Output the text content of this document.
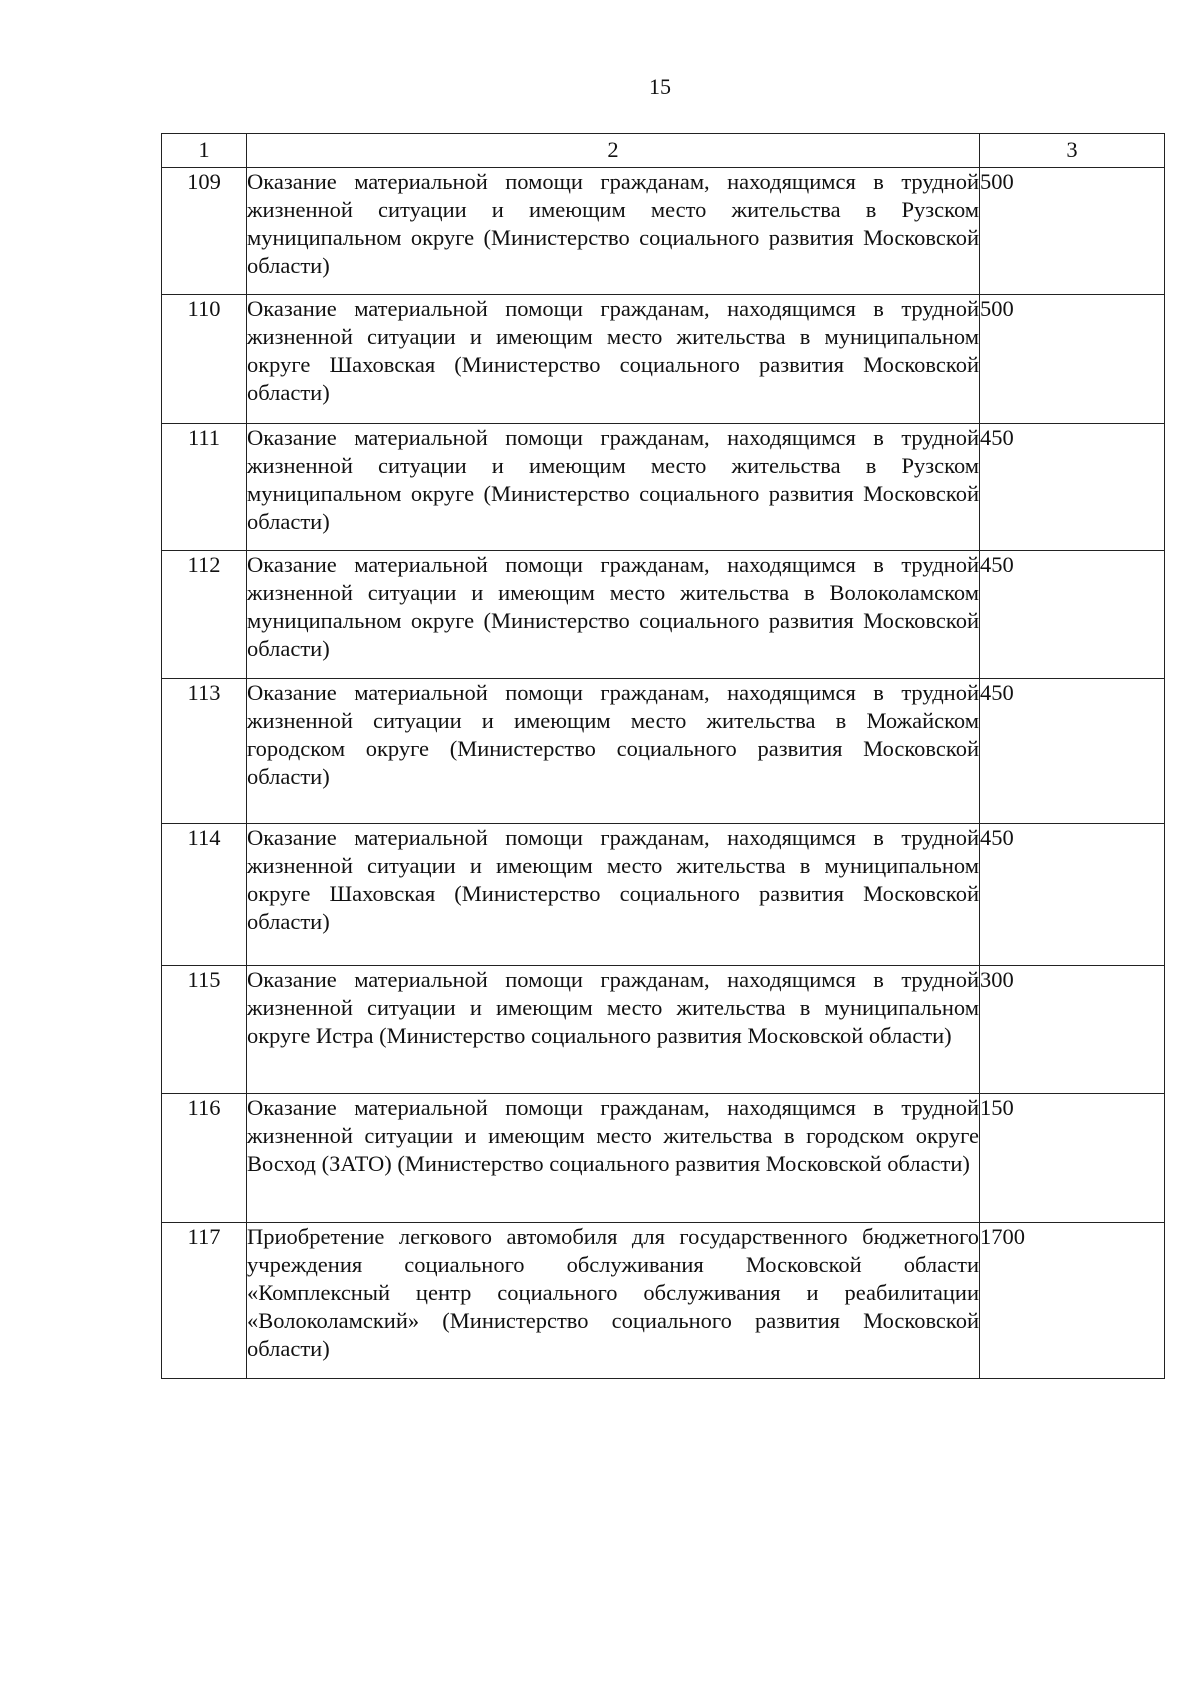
15
1	2	3
109	Оказание материальной помощи гражданам, находящимся в трудной жизненной ситуации и имеющим место жительства в Рузском муниципальном округе (Министерство социального развития Московской области)	500
110	Оказание материальной помощи гражданам, находящимся в трудной жизненной ситуации и имеющим место жительства в муниципальном округе Шаховская (Министерство социального развития Московской области)	500
111	Оказание материальной помощи гражданам, находящимся в трудной жизненной ситуации и имеющим место жительства в Рузском муниципальном округе (Министерство социального развития Московской области)	450
112	Оказание материальной помощи гражданам, находящимся в трудной жизненной ситуации и имеющим место жительства в Волоколамском муниципальном округе (Министерство социального развития Московской области)	450
113	Оказание материальной помощи гражданам, находящимся в трудной жизненной ситуации и имеющим место жительства в Можайском городском округе (Министерство социального развития Московской области)	450
114	Оказание материальной помощи гражданам, находящимся в трудной жизненной ситуации и имеющим место жительства в муниципальном округе Шаховская (Министерство социального развития Московской области)	450
115	Оказание материальной помощи гражданам, находящимся в трудной жизненной ситуации и имеющим место жительства в муниципальном округе Истра (Министерство социального развития Московской области)	300
116	Оказание материальной помощи гражданам, находящимся в трудной жизненной ситуации и имеющим место жительства в городском округе Восход (ЗАТО) (Министерство социального развития Московской области)	150
117	Приобретение легкового автомобиля для государственного бюджетного учреждения социального обслуживания Московской области «Комплексный центр социального обслуживания и реабилитации «Волоколамский» (Министерство социального развития Московской области)	1700
